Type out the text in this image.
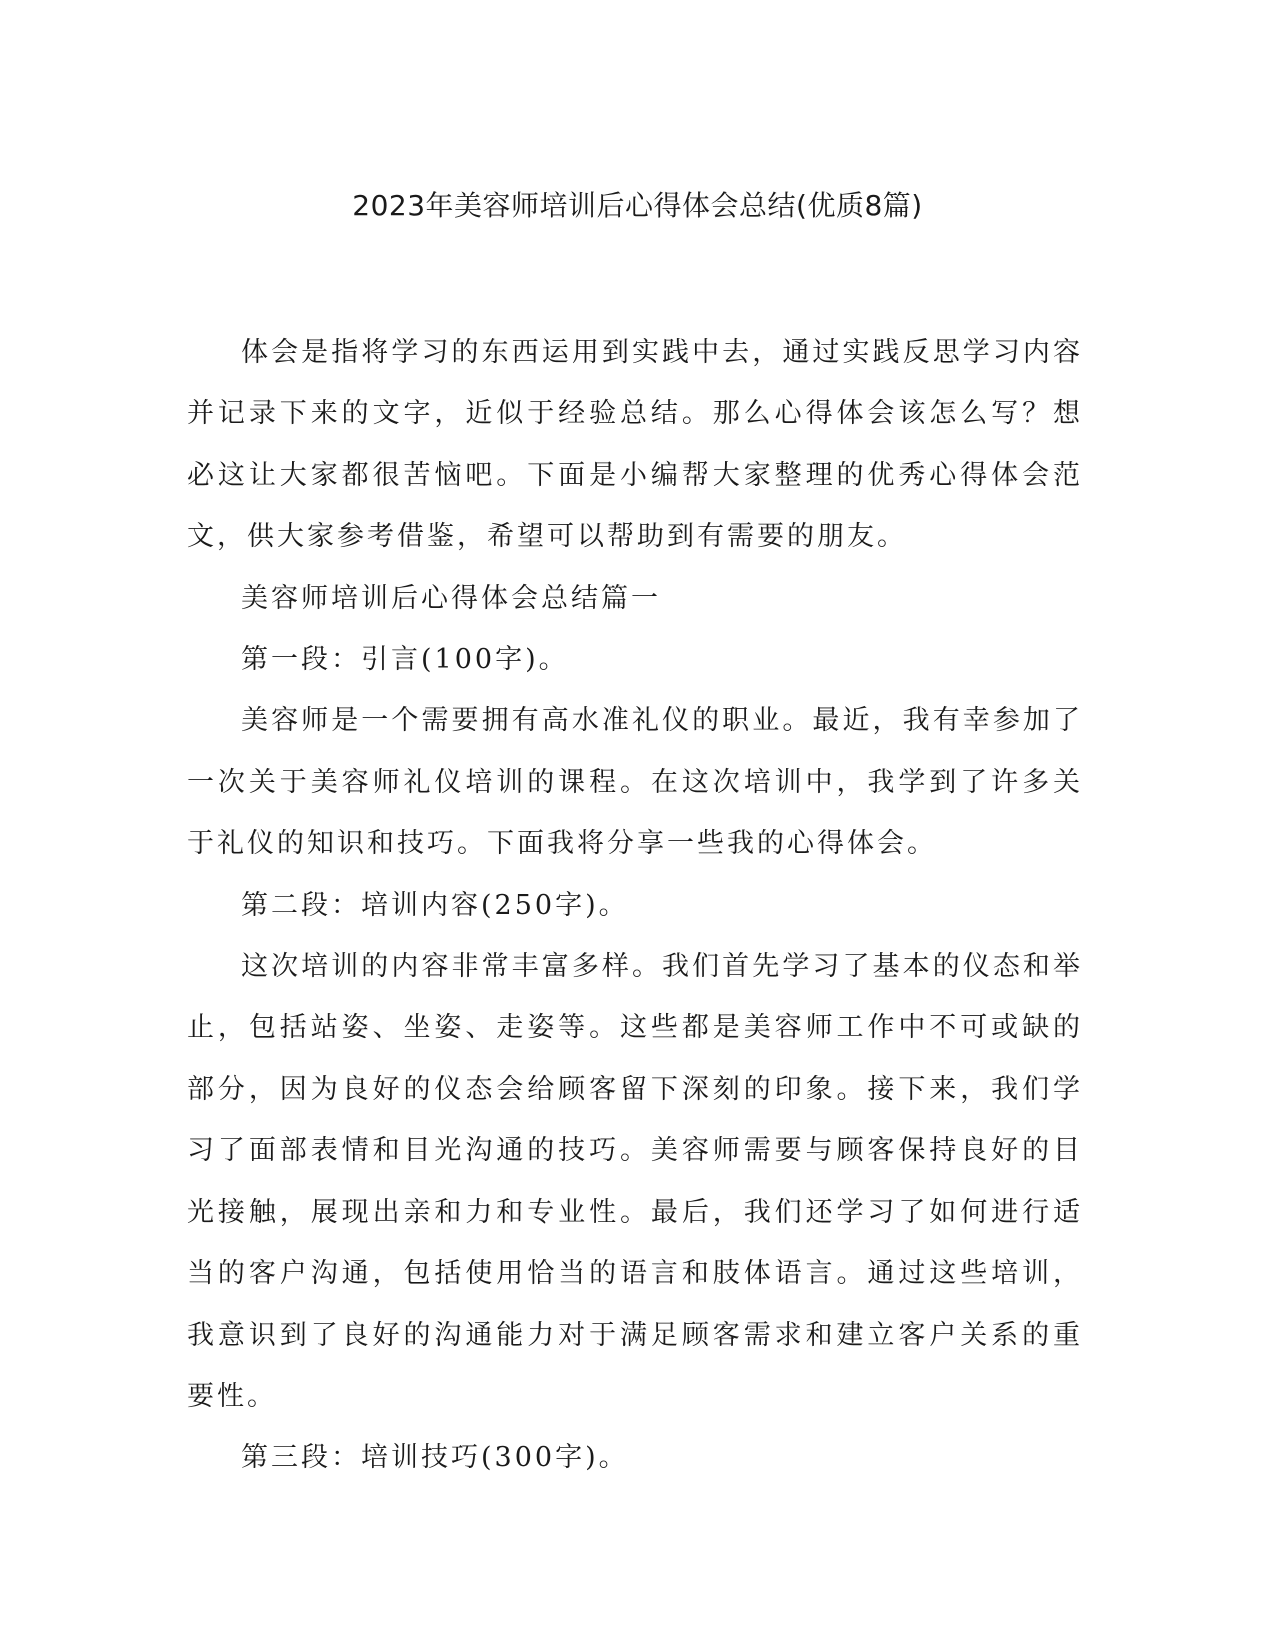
2023年美容师培训后心得体会总结(优质8篇)

体会是指将学习的东西运用到实践中去，通过实践反思学习内容并记录下来的文字，近似于经验总结。那么心得体会该怎么写？想必这让大家都很苦恼吧。下面是小编帮大家整理的优秀心得体会范文，供大家参考借鉴，希望可以帮助到有需要的朋友。

美容师培训后心得体会总结篇一

第一段：引言(100字)。

美容师是一个需要拥有高水准礼仪的职业。最近，我有幸参加了一次关于美容师礼仪培训的课程。在这次培训中，我学到了许多关于礼仪的知识和技巧。下面我将分享一些我的心得体会。

第二段：培训内容(250字)。

这次培训的内容非常丰富多样。我们首先学习了基本的仪态和举止，包括站姿、坐姿、走姿等。这些都是美容师工作中不可或缺的部分，因为良好的仪态会给顾客留下深刻的印象。接下来，我们学习了面部表情和目光沟通的技巧。美容师需要与顾客保持良好的目光接触，展现出亲和力和专业性。最后，我们还学习了如何进行适当的客户沟通，包括使用恰当的语言和肢体语言。通过这些培训，我意识到了良好的沟通能力对于满足顾客需求和建立客户关系的重要性。

第三段：培训技巧(300字)。
